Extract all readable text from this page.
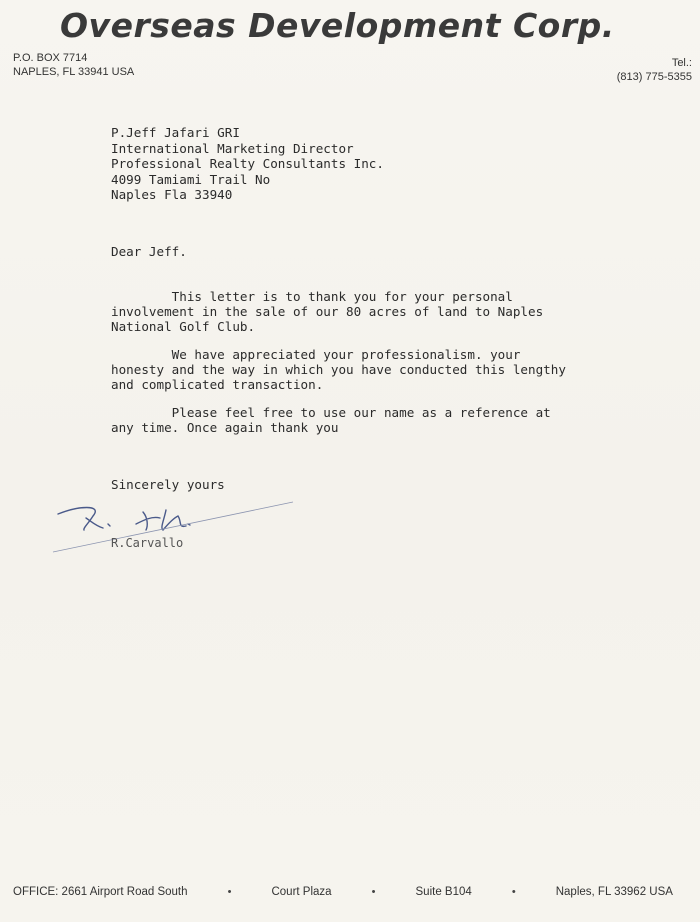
Overseas Development Corp.
P.O. BOX 7714
NAPLES, FL 33941 USA
Tel.:
(813) 775-5355
P.Jeff Jafari GRI
International Marketing Director
Professional Realty Consultants Inc.
4099 Tamiami Trail No
Naples Fla 33940
Dear Jeff.
This letter is to thank you for your personal
involvement in the sale of our 80 acres of land to Naples
National Golf Club.
We have appreciated your professionalism. your
honesty and the way in which you have conducted this lengthy
and complicated transaction.
Please feel free to use our name as a reference at
any time. Once again thank you
Sincerely yours
R.Carvallo
OFFICE: 2661 Airport Road South	•	Court Plaza	•	Suite B104	•	Naples, FL 33962 USA
